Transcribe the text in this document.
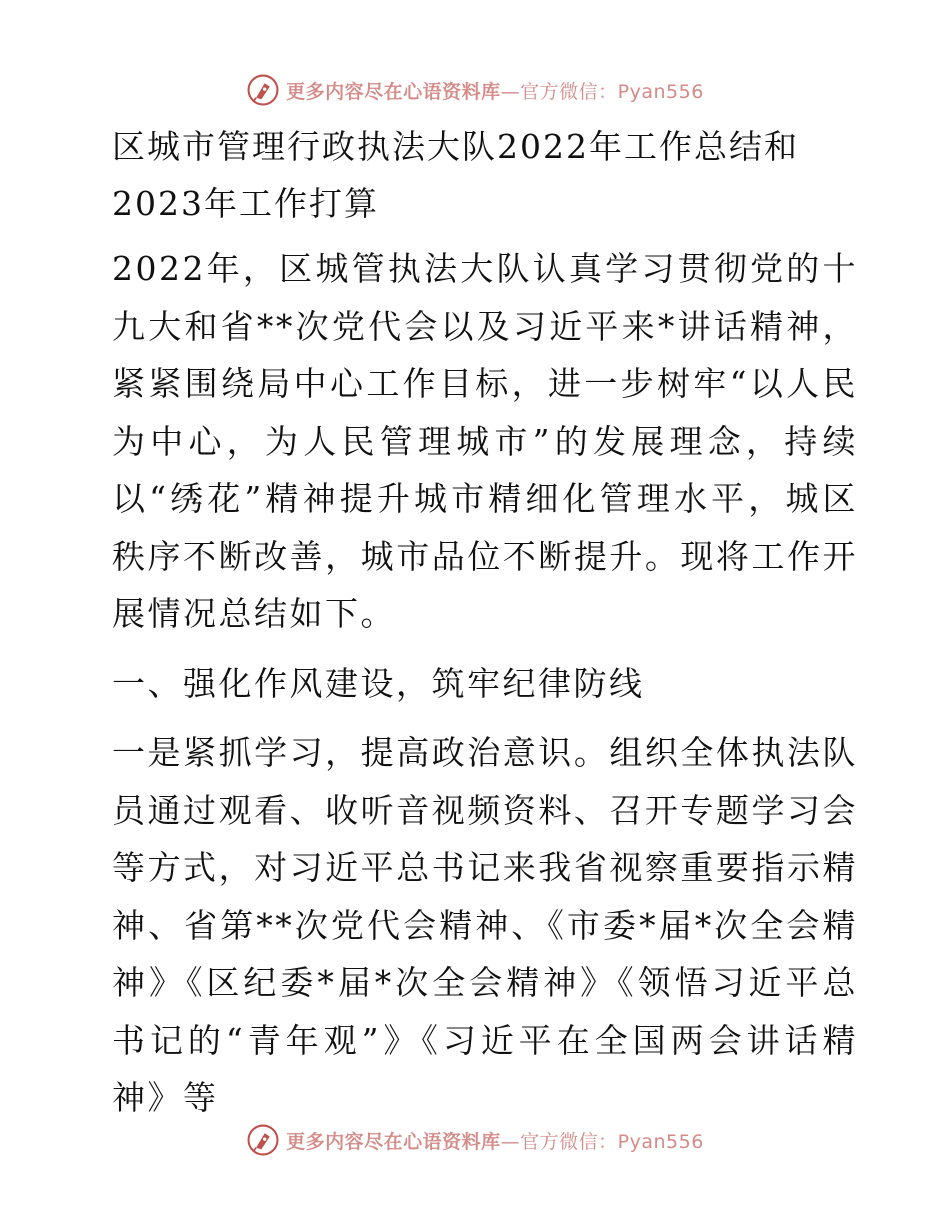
更多内容尽在心语资料库—官方微信：Pyan556
区城市管理行政执法大队2022年工作总结和2023年工作打算

2022年，区城管执法大队认真学习贯彻党的十九大和省**次党代会以及习近平来*讲话精神，紧紧围绕局中心工作目标，进一步树牢“以人民为中心，为人民管理城市”的发展理念，持续以“绣花”精神提升城市精细化管理水平，城区秩序不断改善，城市品位不断提升。现将工作开展情况总结如下。

一、强化作风建设，筑牢纪律防线

一是紧抓学习，提高政治意识。组织全体执法队员通过观看、收听音视频资料、召开专题学习会等方式，对习近平总书记来我省视察重要指示精神、省第**次党代会精神、《市委*届*次全会精神》《区纪委*届*次全会精神》《领悟习近平总书记的“青年观”》《习近平在全国两会讲话精神》等

更多内容尽在心语资料库—官方微信：Pyan556
